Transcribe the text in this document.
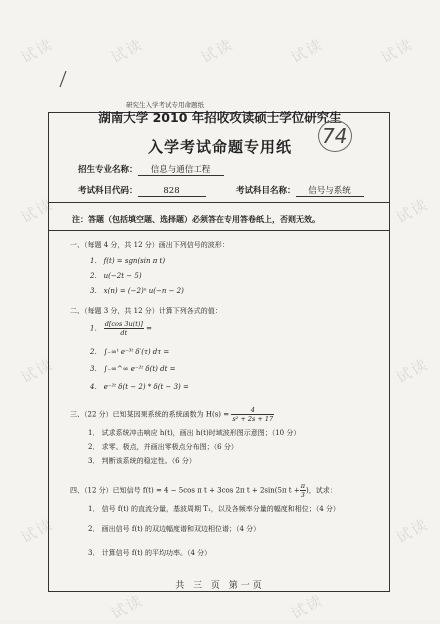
试读	试读	试读	试读	试读
试读	试读
试读	试读
试读	试读
试读	试读
研究生入学考试专用命题纸
湖南大学 2010 年招收攻读硕士学位研究生
入学考试命题专用纸	74
招生专业名称： 信息与通信工程
考试科目代码：	828	考试科目名称： 信号与系统
注：答题（包括填空题、选择题）必须答在专用答卷纸上，否则无效。
一、（每题 4 分，共 12 分）画出下列信号的波形：
1． f(t) = sgn(sin π t)
2． u(−2t − 5)
3． x(n) = (−2)ⁿ u(−n − 2)
二、（每题 3 分，共 12 分）计算下列各式的值：
1． $\frac{d[\cos 3u(t)]}{dt}$ =
2． ∫₋∞ᵗ e⁻³ᵗ δ′(τ) dτ =
3． ∫₋∞^∞ e⁻²ᵗ δ(t) dt =
4． e⁻²ᵗ δ(t − 2) * δ(t − 3) =
三、（22 分）已知某因果系统的系统函数为 $H(s) = \frac{4}{\text{s² + 2s + 17}}$
1． 试求系统冲击响应 h(t)，画出 h(t)时域波形图示意图；（10 分）
2． 求零、极点，并画出零极点分布图；（6 分）
3． 判断该系统的稳定性。（6 分）
四、（12 分）已知信号 f(t) = 4 − 5cos π t + 3cos 2π t + 2sin(5π $t + \frac{\pi}{3}$ )，试求：
1． 信号 f(t) 的直流分量，基波周期 T₁，以及各频率分量的幅度和相位；（4 分）
2． 画出信号 f(t) 的双边幅度谱和双边相位谱；（4 分）
3． 计算信号 f(t) 的平均功率。（4 分）
共 三 页 第一页
